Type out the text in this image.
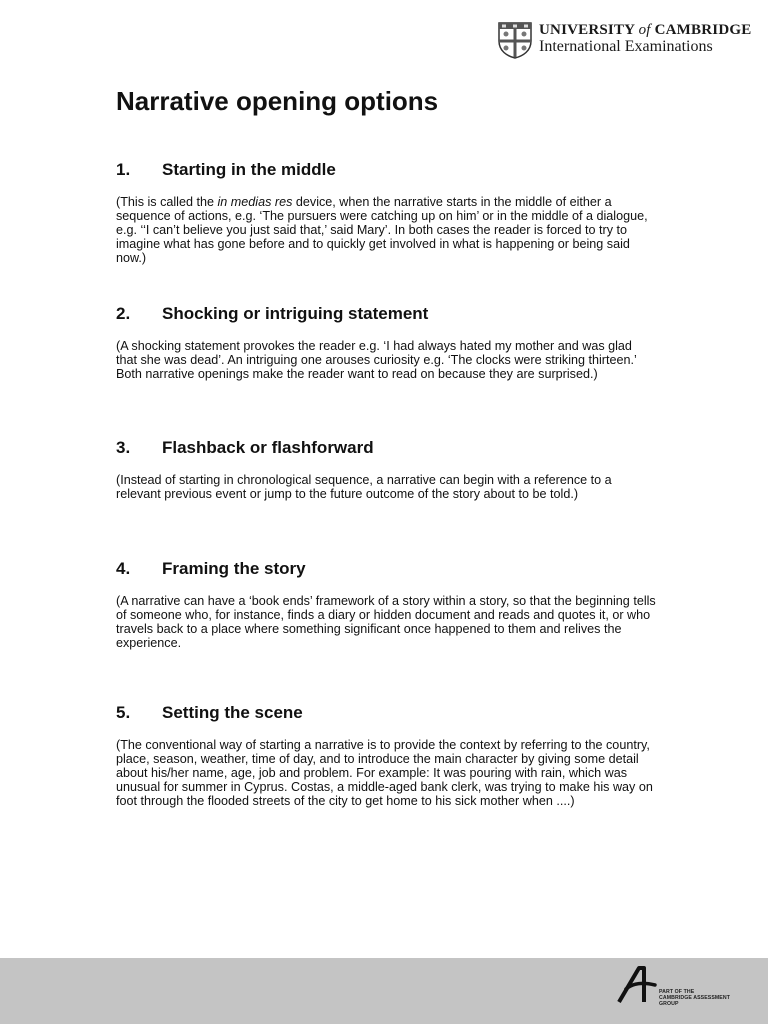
UNIVERSITY of CAMBRIDGE
International Examinations
Narrative opening options
1. Starting in the middle

(This is called the in medias res device, when the narrative starts in the middle of either a sequence of actions, e.g. ‘The pursuers were catching up on him’ or in the middle of a dialogue, e.g. ‘‘I can’t believe you just said that,’ said Mary’. In both cases the reader is forced to try to imagine what has gone before and to quickly get involved in what is happening or being said now.)

2. Shocking or intriguing statement

(A shocking statement provokes the reader e.g. ‘I had always hated my mother and was glad that she was dead’. An intriguing one arouses curiosity e.g. ‘The clocks were striking thirteen.’ Both narrative openings make the reader want to read on because they are surprised.)

3. Flashback or flashforward

(Instead of starting in chronological sequence, a narrative can begin with a reference to a relevant previous event or jump to the future outcome of the story about to be told.)

4. Framing the story

(A narrative can have a ‘book ends’ framework of a story within a story, so that the beginning tells of someone who, for instance, finds a diary or hidden document and reads and quotes it, or who travels back to a place where something significant once happened to them and relives the experience.

5. Setting the scene

(The conventional way of starting a narrative is to provide the context by referring to the country, place, season, weather, time of day, and to introduce the main character by giving some detail about his/her name, age, job and problem. For example: It was pouring with rain, which was unusual for summer in Cyprus. Costas, a middle-aged bank clerk, was trying to make his way on foot through the flooded streets of the city to get home to his sick mother when ....)

PART OF THE
CAMBRIDGE ASSESSMENT
GROUP
